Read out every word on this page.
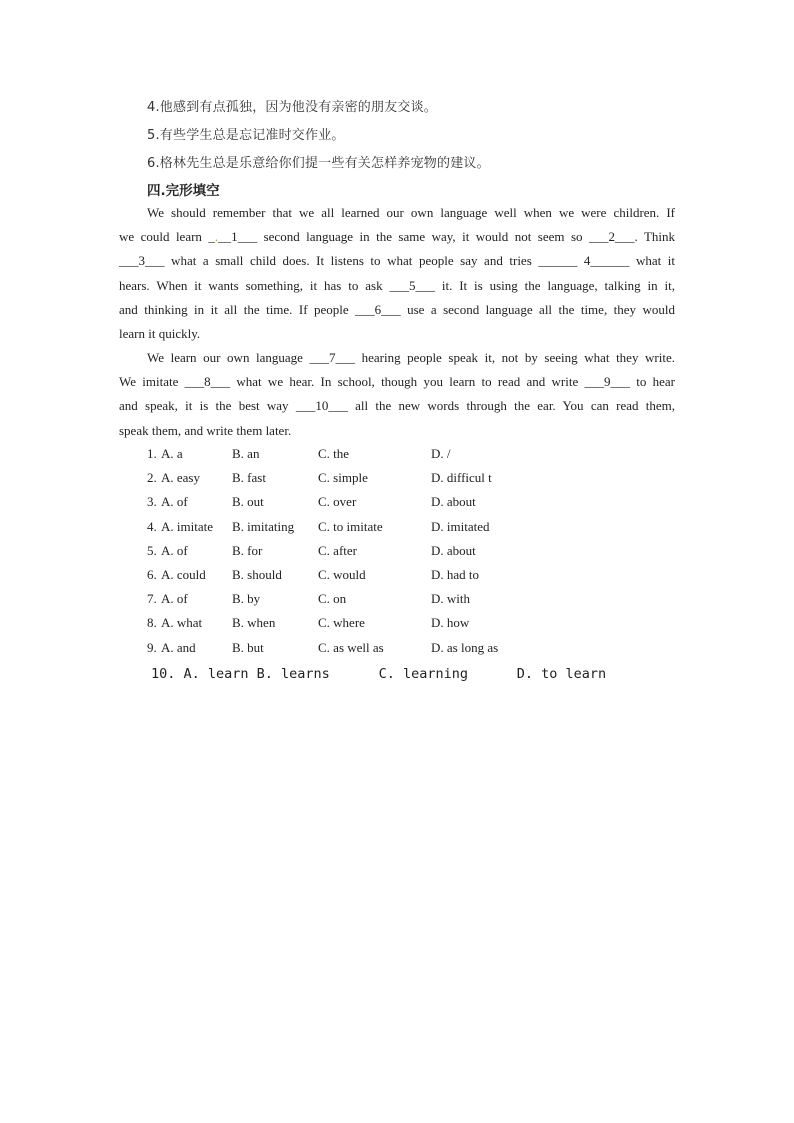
4.他感到有点孤独，因为他没有亲密的朋友交谈。
5.有些学生总是忘记准时交作业。
6.格林先生总是乐意给你们提一些有关怎样养宠物的建议。
四.完形填空
We should remember that we all learned our own language well when we were children. If
we could learn _.__1___ second language in the same way, it would not seem so ___2___. Think
___3___ what a small child does. It listens to what people say and tries ______ 4______ what it
hears. When it wants something, it has to ask ___5___ it. It is using the language, talking in it,
and thinking in it all the time. If people ___6___ use a second language all the time, they would
learn it quickly.
We learn our own language ___7___ hearing people speak it, not by seeing what they write.
We imitate ___8___ what we hear. In school, though you learn to read and write ___9___ to hear
and speak, it is the best way ___10___ all the new words through the ear. You can read them,
speak them, and write them later.
1. A. a	B. an	C. the	D. /
2. A. easy B. fast	C. simple	D. difficul t
3. A. of	B. out	C. over	D. about
4. A. imitate B. imitating C. to imitate	D. imitated
5. A. of	B. for	C. after	D. about
6. A. could B. should	C. would	D. had to
7. A. of	B. by	C. on	D. with
8. A. what B. when	C. where	D. how
9. A. and	B. but	C. as well as	D. as long as
10. A. learn B. learns      C. learning      D. to learn
